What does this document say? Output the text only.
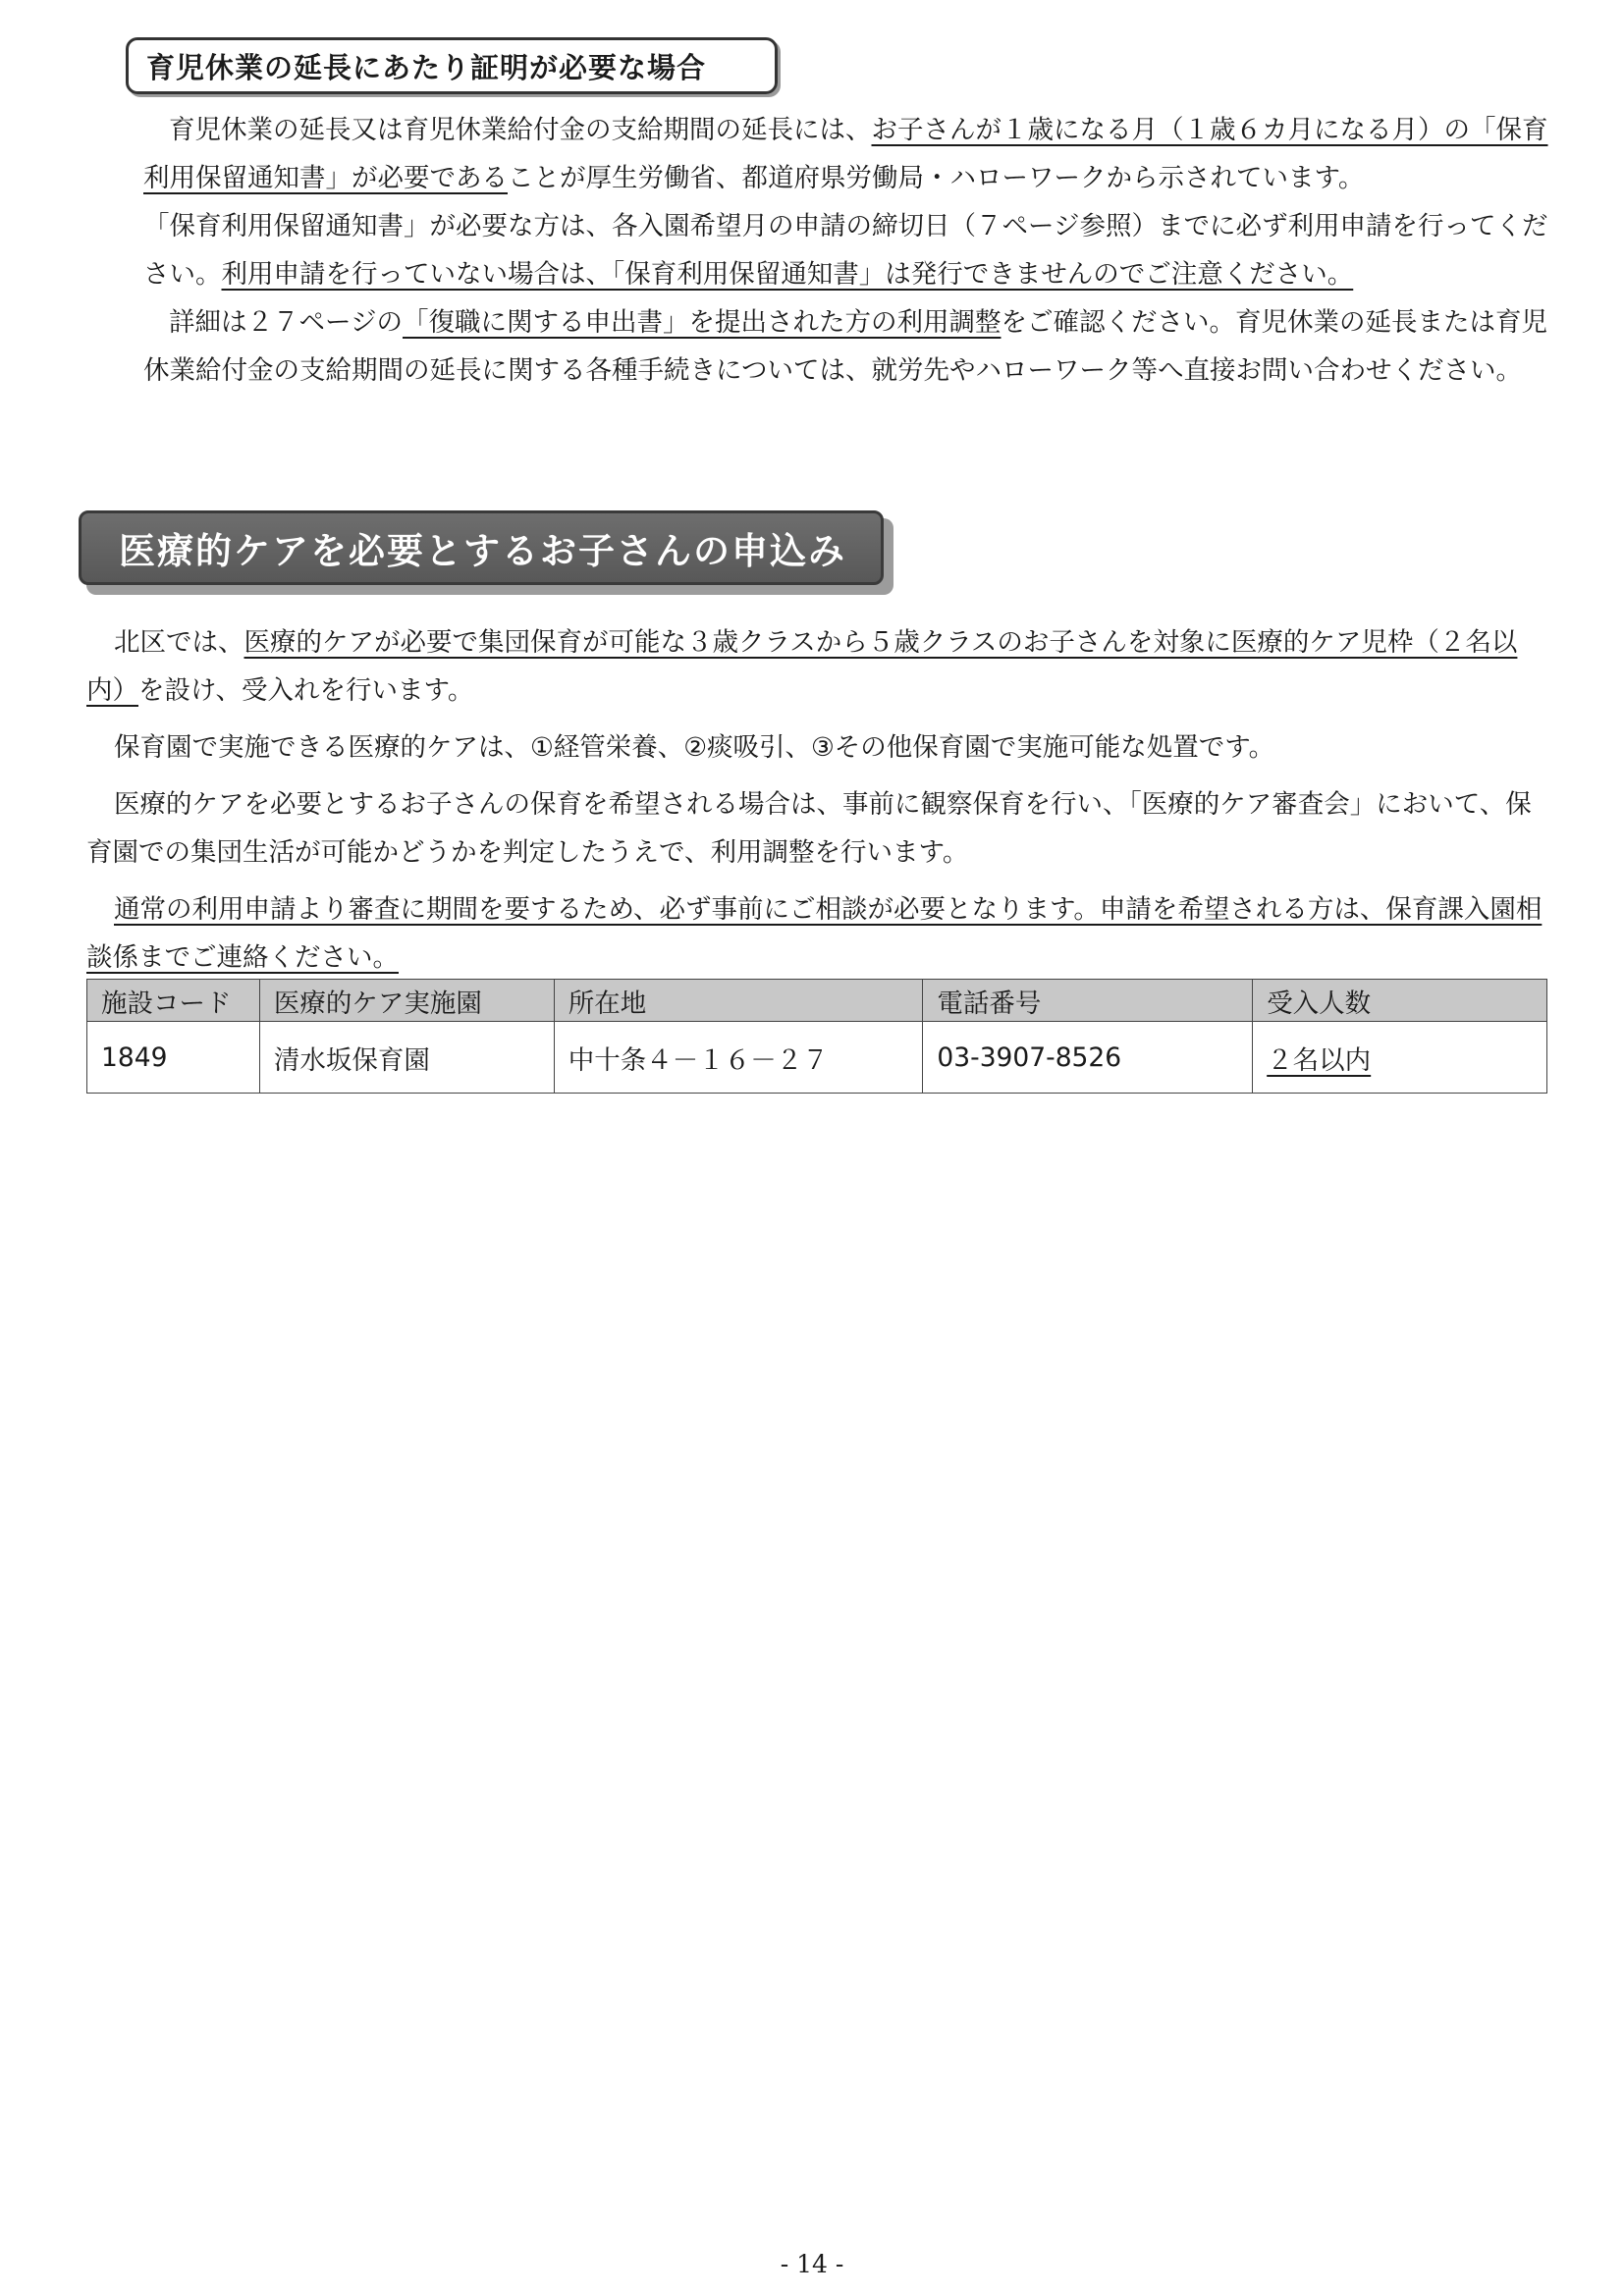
育児休業の延長にあたり証明が必要な場合

育児休業の延長又は育児休業給付金の支給期間の延長には、お子さんが１歳になる月（１歳６カ月になる月）の「保育利用保留通知書」が必要であることが厚生労働省、都道府県労働局・ハローワークから示されています。

「保育利用保留通知書」が必要な方は、各入園希望月の申請の締切日（７ページ参照）までに必ず利用申請を行ってください。利用申請を行っていない場合は、「保育利用保留通知書」は発行できませんのでご注意ください。

詳細は２７ページの「復職に関する申出書」を提出された方の利用調整をご確認ください。育児休業の延長または育児休業給付金の支給期間の延長に関する各種手続きについては、就労先やハローワーク等へ直接お問い合わせください。

医療的ケアを必要とするお子さんの申込み

北区では、医療的ケアが必要で集団保育が可能な３歳クラスから５歳クラスのお子さんを対象に医療的ケア児枠（２名以内）を設け、受入れを行います。

保育園で実施できる医療的ケアは、①経管栄養、②痰吸引、③その他保育園で実施可能な処置です。

医療的ケアを必要とするお子さんの保育を希望される場合は、事前に観察保育を行い、「医療的ケア審査会」において、保育園での集団生活が可能かどうかを判定したうえで、利用調整を行います。

通常の利用申請より審査に期間を要するため、必ず事前にご相談が必要となります。申請を希望される方は、保育課入園相談係までご連絡ください。

施設コード	医療的ケア実施園	所在地	電話番号	受入人数
1849	清水坂保育園	中十条４－１６－２７	03-3907-8526	２名以内
- 14 -
